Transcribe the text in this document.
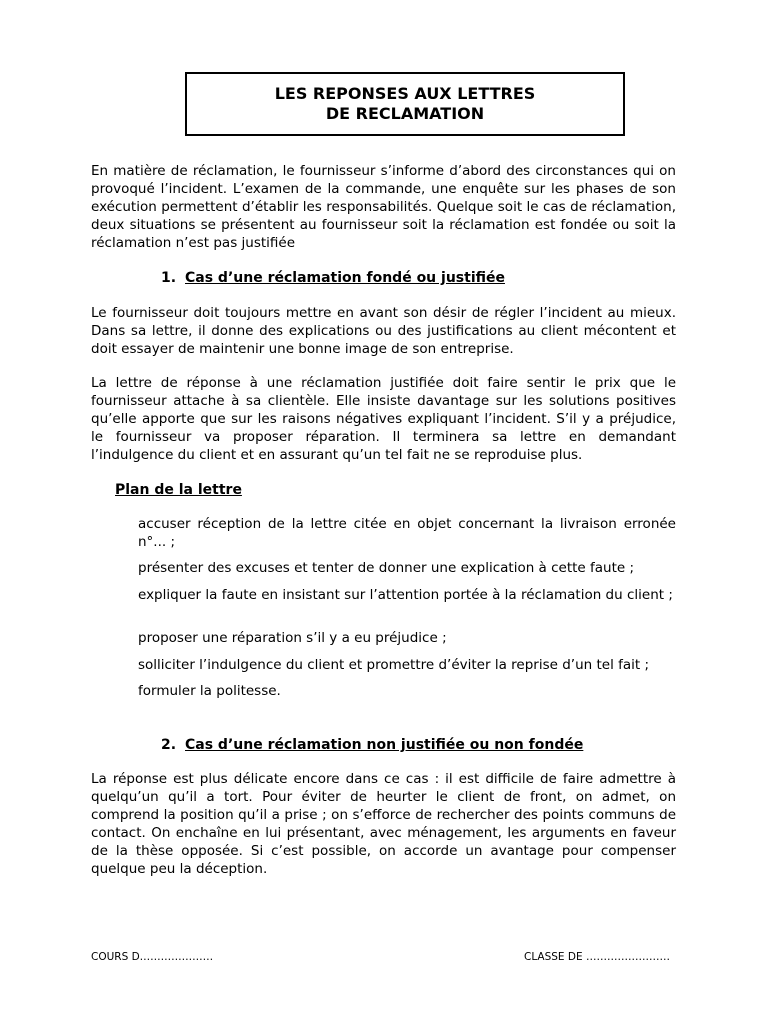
LES REPONSES AUX LETTRES
DE RECLAMATION

En matière de réclamation, le fournisseur s’informe d’abord des circonstances qui on provoqué l’incident. L’examen de la commande, une enquête sur les phases de son exécution permettent d’établir les responsabilités. Quelque soit le cas de réclamation, deux situations se présentent au fournisseur soit la réclamation est fondée ou soit la réclamation n’est pas justifiée

1. Cas d’une réclamation fondé ou justifiée

Le fournisseur doit toujours mettre en avant son désir de régler l’incident au mieux. Dans sa lettre, il donne des explications ou des justifications au client mécontent et doit essayer de maintenir une bonne image de son entreprise.

La lettre de réponse à une réclamation justifiée doit faire sentir le prix que le fournisseur attache à sa clientèle. Elle insiste davantage sur les solutions positives qu’elle apporte que sur les raisons négatives expliquant l’incident. S’il y a préjudice, le fournisseur va proposer réparation. Il terminera sa lettre en demandant l’indulgence du client et en assurant qu’un tel fait ne se reproduise plus.

Plan de la lettre

accuser réception de la lettre citée en objet concernant la livraison erronée n°... ;

présenter des excuses et tenter de donner une explication à cette faute ;

expliquer la faute en insistant sur l’attention portée à la réclamation du client ;

proposer une réparation s’il y a eu préjudice ;

solliciter l’indulgence du client et promettre d’éviter la reprise d’un tel fait ;

formuler la politesse.

2. Cas d’une réclamation non justifiée ou non fondée

La réponse est plus délicate encore dans ce cas : il est difficile de faire admettre à quelqu’un qu’il a tort. Pour éviter de heurter le client de front, on admet, on comprend la position qu’il a prise ; on s’efforce de rechercher des points communs de contact. On enchaîne en lui présentant, avec ménagement, les arguments en faveur de la thèse opposée. Si c’est possible, on accorde un avantage pour compenser quelque peu la déception.

COURS D…………………	CLASSE DE ……………………
